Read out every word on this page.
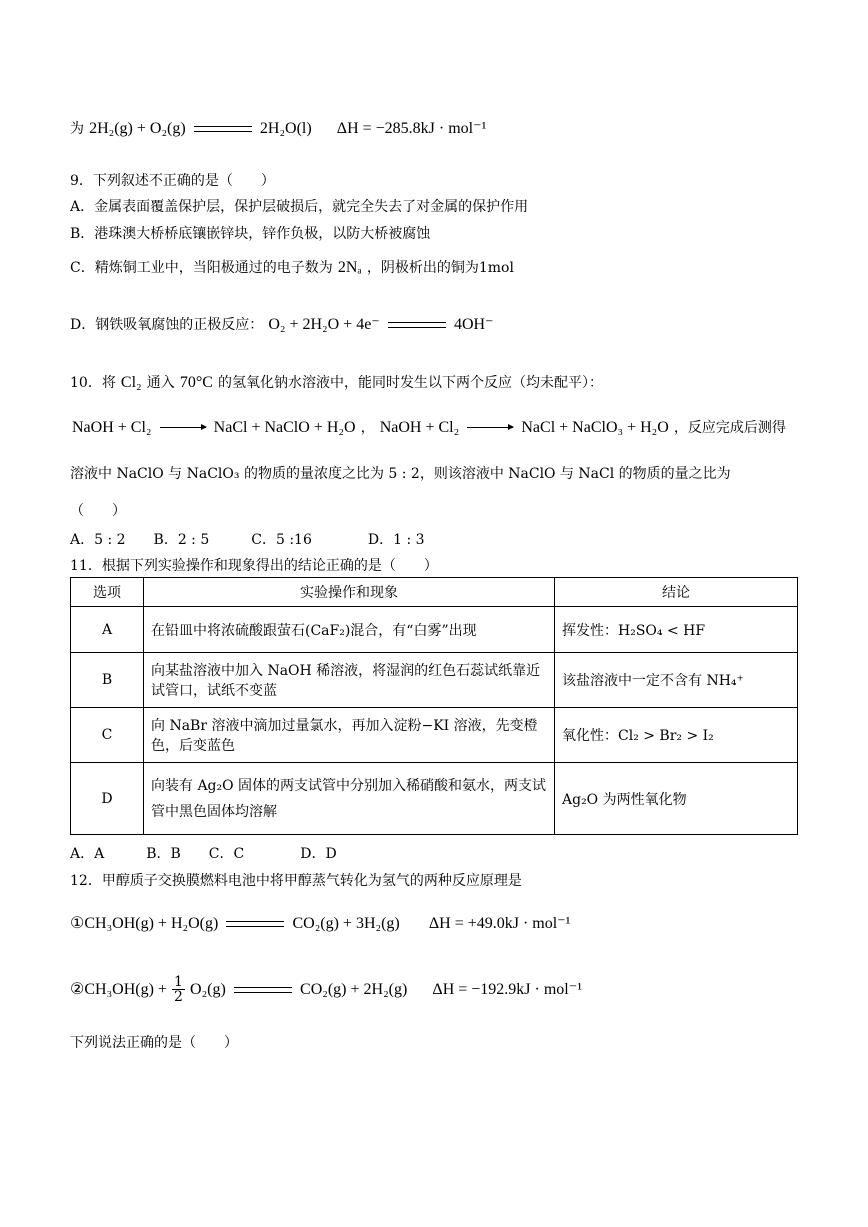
为 2H₂(g) + O₂(g)	2H₂O(l) ΔH = −285.8kJ · mol⁻¹
9．下列叙述不正确的是（　　）
A．金属表面覆盖保护层，保护层破损后，就完全失去了对金属的保护作用
B．港珠澳大桥桥底镶嵌锌块，锌作负极，以防大桥被腐蚀
C．精炼铜工业中，当阳极通过的电子数为 2Nₐ ，阴极析出的铜为1mol
D．钢铁吸氧腐蚀的正极反应： O₂ + 2H₂O + 4e⁻	4OH⁻
10．将 Cl₂ 通入 70°C 的氢氧化钠水溶液中，能同时发生以下两个反应（均未配平）：
NaOH + Cl₂	NaCl + NaClO + H₂O ， NaOH + Cl₂	NaCl + NaClO₃ + H₂O ，反应完成后测得
溶液中 NaClO 与 NaClO₃ 的物质的量浓度之比为 5 : 2，则该溶液中 NaClO 与 NaCl 的物质的量之比为
（　　）
A．5 : 2　　B．2 : 5　　　C．5 :16　　　　D．1 : 3
11．根据下列实验操作和现象得出的结论正确的是（　　）
选项	实验操作和现象	结论
A	在铅皿中将浓硫酸跟萤石(CaF₂)混合，有“白雾”出现	挥发性：H₂SO₄ < HF
B	向某盐溶液中加入 NaOH 稀溶液，将湿润的红色石蕊试纸靠近试管口，试纸不变蓝	该盐溶液中一定不含有 NH₄⁺
C	向 NaBr 溶液中滴加过量氯水，再加入淀粉−KI 溶液，先变橙色，后变蓝色	氧化性：Cl₂ > Br₂ > I₂
D	向装有 Ag₂O 固体的两支试管中分别加入稀硝酸和氨水，两支试管中黑色固体均溶解	Ag₂O 为两性氧化物
A．A　　　B．B　　C．C　　　　D．D
12．甲醇质子交换膜燃料电池中将甲醇蒸气转化为氢气的两种反应原理是
①CH₃OH(g) + H₂O(g)	CO₂(g) + 3H₂(g) ΔH = +49.0kJ · mol⁻¹
②CH₃OH(g) + $\frac{1}{2} O_2(g)$	CO₂(g) + 2H₂(g) ΔH = −192.9kJ · mol⁻¹
下列说法正确的是（　　）
